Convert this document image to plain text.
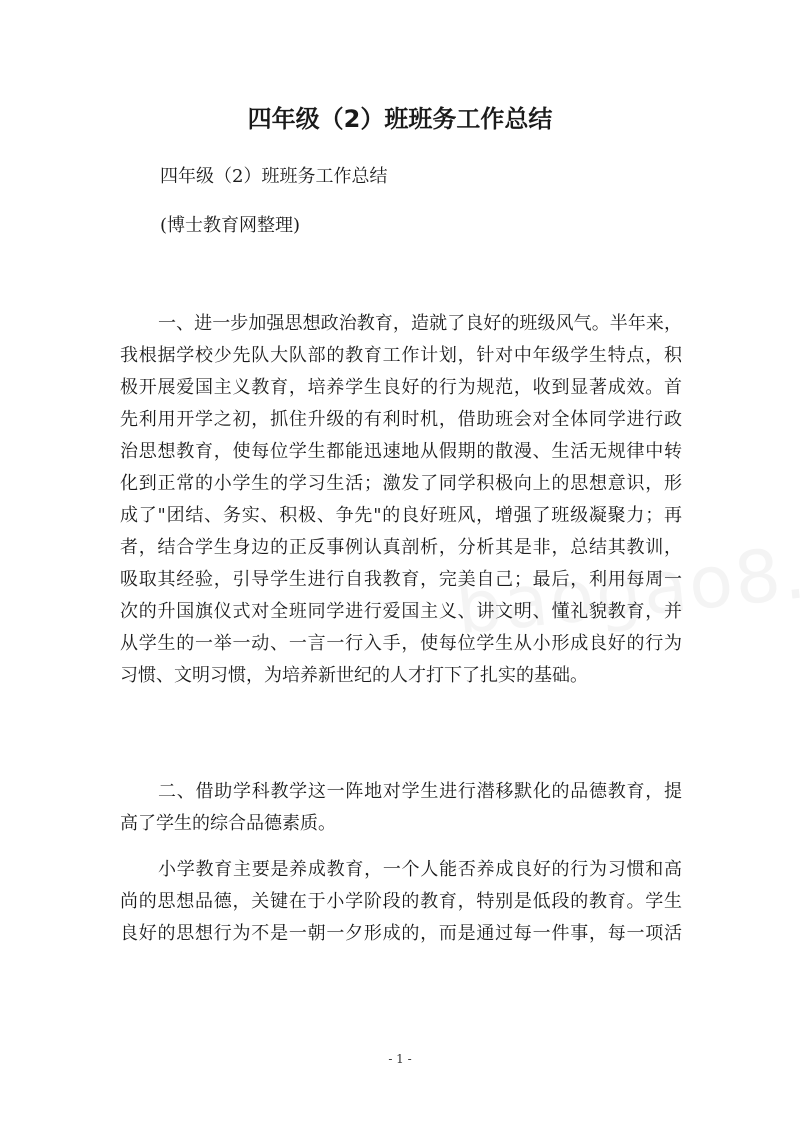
四年级（2）班班务工作总结
四年级（2）班班务工作总结
(博士教育网整理)
一、进一步加强思想政治教育，造就了良好的班级风气。半年来，
我根据学校少先队大队部的教育工作计划，针对中年级学生特点，积
极开展爱国主义教育，培养学生良好的行为规范，收到显著成效。首
先利用开学之初，抓住升级的有利时机，借助班会对全体同学进行政
治思想教育，使每位学生都能迅速地从假期的散漫、生活无规律中转
化到正常的小学生的学习生活；激发了同学积极向上的思想意识，形
成了"团结、务实、积极、争先"的良好班风，增强了班级凝聚力；再
者，结合学生身边的正反事例认真剖析，分析其是非，总结其教训，
吸取其经验，引导学生进行自我教育，完美自己；最后，利用每周一
次的升国旗仪式对全班同学进行爱国主义、讲文明、懂礼貌教育，并
从学生的一举一动、一言一行入手，使每位学生从小形成良好的行为
习惯、文明习惯，为培养新世纪的人才打下了扎实的基础。
二、借助学科教学这一阵地对学生进行潜移默化的品德教育，提
高了学生的综合品德素质。
小学教育主要是养成教育，一个人能否养成良好的行为习惯和高
尚的思想品德，关键在于小学阶段的教育，特别是低段的教育。学生
良好的思想行为不是一朝一夕形成的，而是通过每一件事，每一项活
- 1 -
